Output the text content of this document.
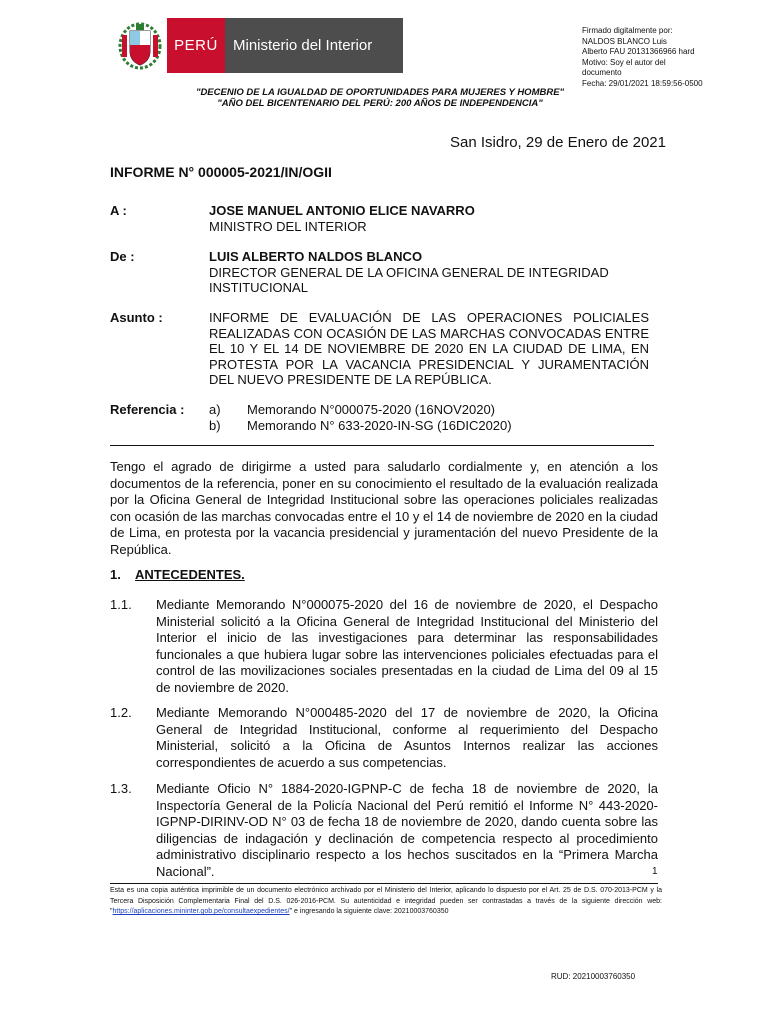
PERÚ	Ministerio del Interior
Firmado digitalmente por:
NALDOS BLANCO Luis
Alberto FAU 20131366966 hard
Motivo: Soy el autor del
documento
Fecha: 29/01/2021 18:59:56-0500
"DECENIO DE LA IGUALDAD DE OPORTUNIDADES PARA MUJERES Y HOMBRE"
"AÑO DEL BICENTENARIO DEL PERÚ: 200 AÑOS DE INDEPENDENCIA"
San Isidro, 29 de Enero de 2021
INFORME N° 000005-2021/IN/OGII
A :	JOSE MANUEL ANTONIO ELICE NAVARRO
MINISTRO DEL INTERIOR
De :	LUIS ALBERTO NALDOS BLANCO
DIRECTOR GENERAL DE LA OFICINA GENERAL DE INTEGRIDAD INSTITUCIONAL
Asunto :	INFORME DE EVALUACIÓN DE LAS OPERACIONES POLICIALES REALIZADAS CON OCASIÓN DE LAS MARCHAS CONVOCADAS ENTRE EL 10 Y EL 14 DE NOVIEMBRE DE 2020 EN LA CIUDAD DE LIMA, EN PROTESTA POR LA VACANCIA PRESIDENCIAL Y JURAMENTACIÓN DEL NUEVO PRESIDENTE DE LA REPÚBLICA.
Referencia : a)	Memorando N°000075-2020 (16NOV2020)
b)	Memorando N° 633-2020-IN-SG (16DIC2020)

Tengo el agrado de dirigirme a usted para saludarlo cordialmente y, en atención a los documentos de la referencia, poner en su conocimiento el resultado de la evaluación realizada por la Oficina General de Integridad Institucional sobre las operaciones policiales realizadas con ocasión de las marchas convocadas entre el 10 y el 14 de noviembre de 2020 en la ciudad de Lima, en protesta por la vacancia presidencial y juramentación del nuevo Presidente de la República.

1. ANTECEDENTES.
1.1. Mediante Memorando N°000075-2020 del 16 de noviembre de 2020, el Despacho Ministerial solicitó a la Oficina General de Integridad Institucional del Ministerio del Interior el inicio de las investigaciones para determinar las responsabilidades funcionales a que hubiera lugar sobre las intervenciones policiales efectuadas para el control de las movilizaciones sociales presentadas en la ciudad de Lima del 09 al 15 de noviembre de 2020.

1.2. Mediante Memorando N°000485-2020 del 17 de noviembre de 2020, la Oficina General de Integridad Institucional, conforme al requerimiento del Despacho Ministerial, solicitó a la Oficina de Asuntos Internos realizar las acciones correspondientes de acuerdo a sus competencias.

1.3. Mediante Oficio N° 1884-2020-IGPNP-C de fecha 18 de noviembre de 2020, la Inspectoría General de la Policía Nacional del Perú remitió el Informe N° 443-2020-IGPNP-DIRINV-OD N° 03 de fecha 18 de noviembre de 2020, dando cuenta sobre las diligencias de indagación y declinación de competencia respecto al procedimiento administrativo disciplinario respecto a los hechos suscitados en la “Primera Marcha Nacional”.	1
Esta es una copia auténtica imprimible de un documento electrónico archivado por el Ministerio del Interior, aplicando lo dispuesto por el Art. 25 de D.S. 070-2013-PCM y la Tercera Disposición Complementaria Final del D.S. 026-2016-PCM. Su autenticidad e integridad pueden ser contrastadas a través de la siguiente dirección web: "https://aplicaciones.mininter.gob.pe/consultaexpedientes/" e ingresando la siguiente clave: 20210003760350
RUD: 20210003760350
